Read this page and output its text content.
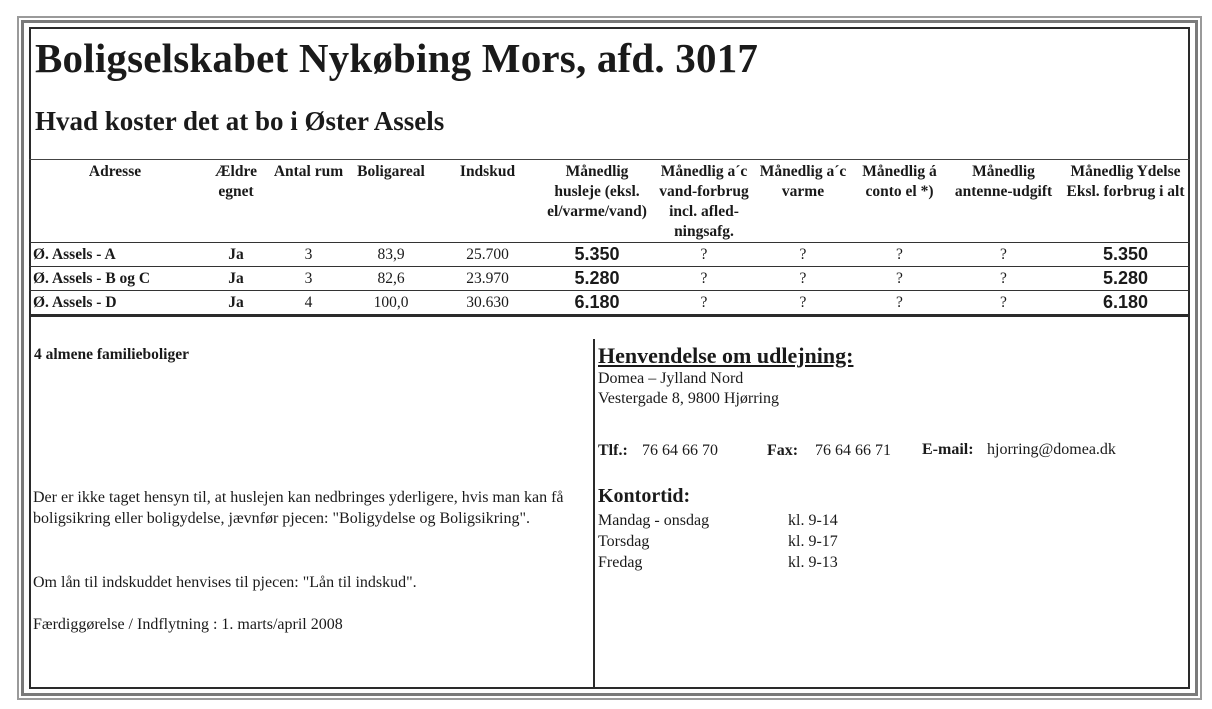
Boligselskabet Nykøbing Mors, afd. 3017
Hvad koster det at bo i Øster Assels
Adresse	Ældre egnet	Antal rum	Boligareal	Indskud	Månedlig husleje (eksl. el/varme/vand)	Månedlig a´c vand-forbrug incl. afled-ningsafg.	Månedlig a´c varme	Månedlig á conto el *)	Månedlig antenne-udgift	Månedlig Ydelse Eksl. forbrug i alt
Ø. Assels - A	Ja	3	83,9	25.700	5.350	?	?	?	?	5.350
Ø. Assels - B og C	Ja	3	82,6	23.970	5.280	?	?	?	?	5.280
Ø. Assels - D	Ja	4	100,0	30.630	6.180	?	?	?	?	6.180
4 almene familieboliger
Der er ikke taget hensyn til, at huslejen kan nedbringes yderligere, hvis man kan få boligsikring eller boligydelse, jævnfør pjecen: "Boligydelse og Boligsikring".
Om lån til indskuddet henvises til pjecen: "Lån til indskud".
Færdiggørelse / Indflytning : 1. marts/april 2008
Henvendelse om udlejning:
Domea – Jylland Nord
Vestergade 8, 9800 Hjørring
Tlf.: 76 64 66 70	Fax: 76 64 66 71 E-mail: hjorring@domea.dk
Kontortid:
Mandag - onsdag	kl. 9-14
Torsdag	kl. 9-17
Fredag	kl. 9-13
